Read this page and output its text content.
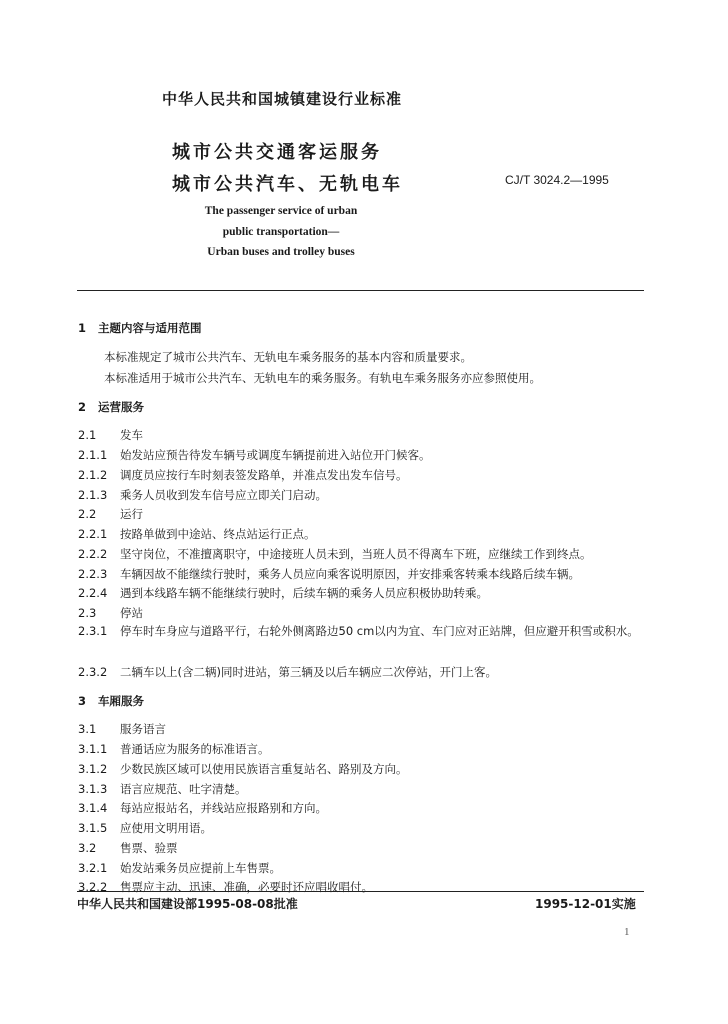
中华人民共和国城镇建设行业标准
城市公共交通客运服务
城市公共汽车、无轨电车	CJ/T 3024.2—1995
The passenger service of urban
public transportation—
Urban buses and trolley buses
1 主题内容与适用范围
本标准规定了城市公共汽车、无轨电车乘务服务的基本内容和质量要求。
本标准适用于城市公共汽车、无轨电车的乘务服务。有轨电车乘务服务亦应参照使用。
2 运营服务
2.1 发车
2.1.1 始发站应预告待发车辆号或调度车辆提前进入站位开门候客。
2.1.2 调度员应按行车时刻表签发路单，并准点发出发车信号。
2.1.3 乘务人员收到发车信号应立即关门启动。
2.2 运行
2.2.1 按路单做到中途站、终点站运行正点。
2.2.2 坚守岗位，不准擅离职守，中途接班人员未到，当班人员不得离车下班，应继续工作到终点。
2.2.3 车辆因故不能继续行驶时，乘务人员应向乘客说明原因，并安排乘客转乘本线路后续车辆。
2.2.4 遇到本线路车辆不能继续行驶时，后续车辆的乘务人员应积极协助转乘。
2.3 停站
2.3.1 停车时车身应与道路平行，右轮外侧离路边50 cm以内为宜、车门应对正站牌，但应避开积雪或积水。
2.3.2 二辆车以上(含二辆)同时进站，第三辆及以后车辆应二次停站，开门上客。
3 车厢服务
3.1 服务语言
3.1.1 普通话应为服务的标准语言。
3.1.2 少数民族区域可以使用民族语言重复站名、路别及方向。
3.1.3 语言应规范、吐字清楚。
3.1.4 每站应报站名，并线站应报路别和方向。
3.1.5 应使用文明用语。
3.2 售票、验票
3.2.1 始发站乘务员应提前上车售票。
3.2.2 售票应主动、迅速、准确，必要时还应唱收唱付。
中华人民共和国建设部1995-08-08批准	1995-12-01实施
1
